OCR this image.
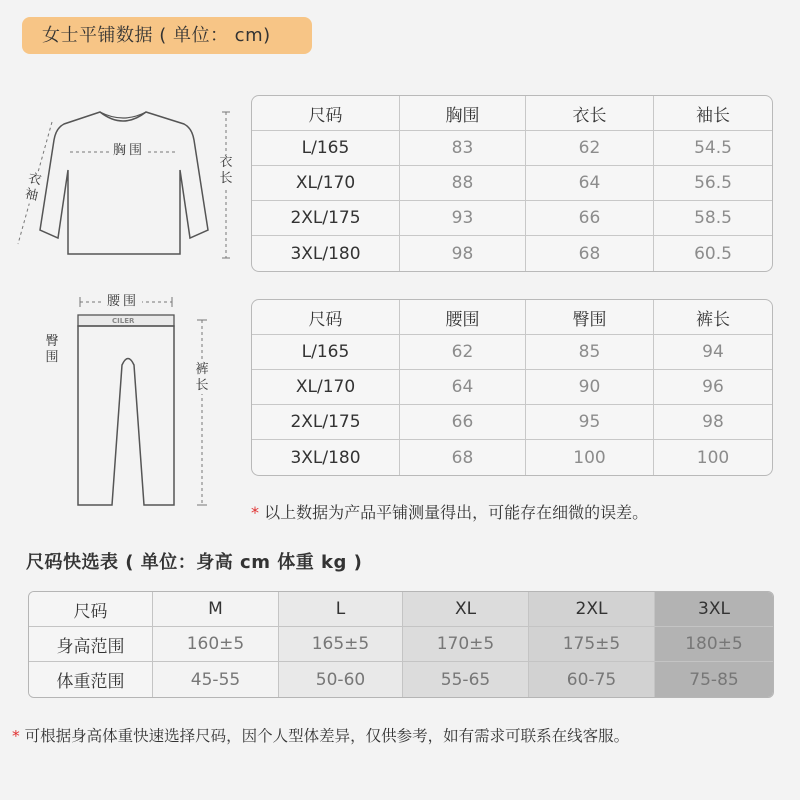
女士平铺数据 ( 单位： cm)
胸围
衣长
衣袖
腰围
CILER
臀围
裤长
尺码	胸围	衣长	袖长
L/165	83	62	54.5
XL/170	88	64	56.5
2XL/175	93	66	58.5
3XL/180	98	68	60.5
尺码	腰围	臀围	裤长
L/165	62	85	94
XL/170	64	90	96
2XL/175	66	95	98
3XL/180	68	100	100
* 以上数据为产品平铺测量得出，可能存在细微的误差。
尺码快选表 ( 单位：身高 cm 体重 kg )
尺码	M	L	XL	2XL	3XL
身高范围	160±5	165±5	170±5	175±5	180±5
体重范围	45-55	50-60	55-65	60-75	75-85
* 可根据身高体重快速选择尺码，因个人型体差异，仅供参考，如有需求可联系在线客服。
